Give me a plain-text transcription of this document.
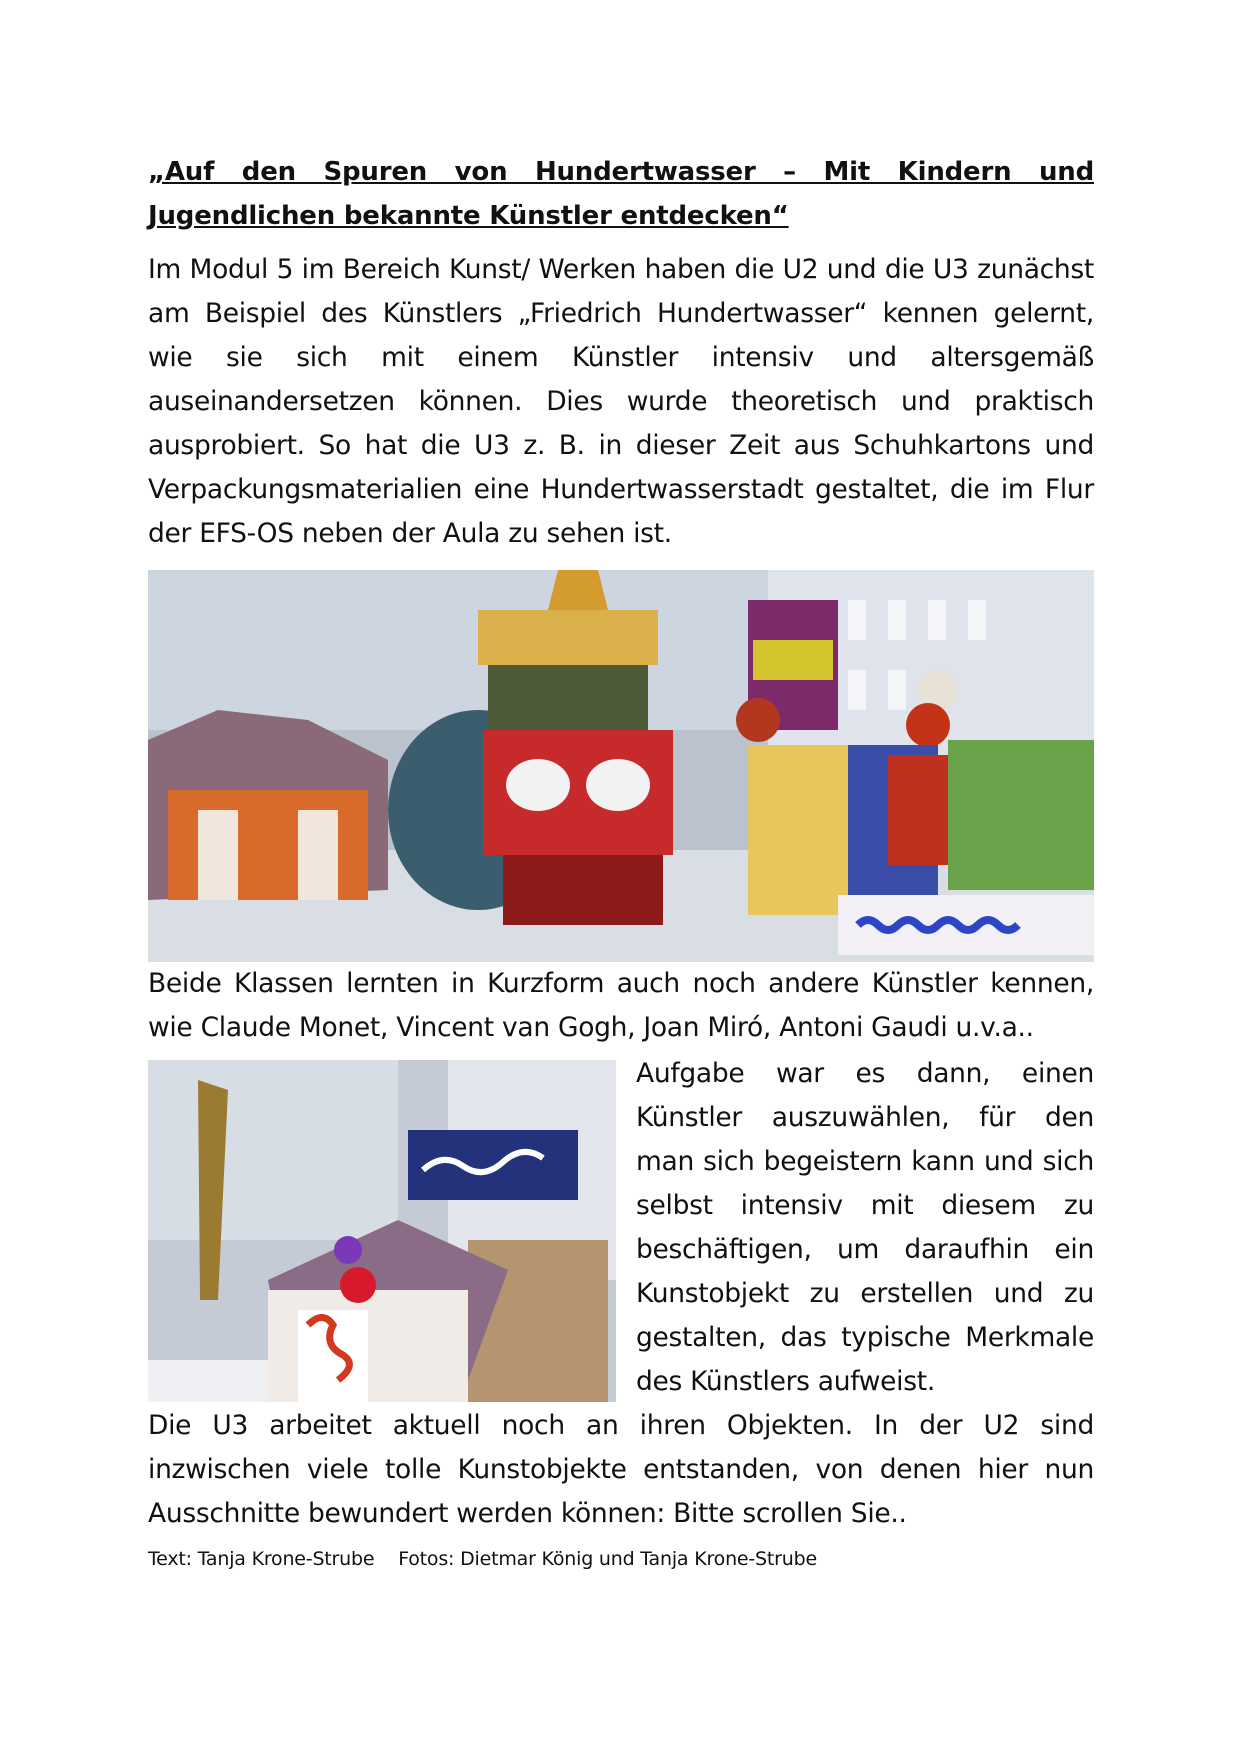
„Auf den Spuren von Hundertwasser – Mit Kindern und
Jugendlichen bekannte Künstler entdecken“

Im Modul 5 im Bereich Kunst/ Werken haben die U2 und die U3 zunächst am Beispiel des Künstlers „Friedrich Hundertwasser“ kennen gelernt, wie sie sich mit einem Künstler intensiv und altersgemäß auseinandersetzen können. Dies wurde theoretisch und praktisch ausprobiert. So hat die U3 z. B. in dieser Zeit aus Schuhkartons und Verpackungsmaterialien eine Hundertwasserstadt gestaltet, die im Flur der EFS-OS neben der Aula zu sehen ist.

Beide Klassen lernten in Kurzform auch noch andere Künstler kennen, wie Claude Monet, Vincent van Gogh, Joan Miró, Antoni Gaudi u.v.a..

Aufgabe war es dann, einen Künstler auszuwählen, für den man sich begeistern kann und sich selbst intensiv mit diesem zu beschäftigen, um daraufhin ein Kunstobjekt zu erstellen und zu gestalten, das typische Merkmale des Künstlers aufweist.

Die U3 arbeitet aktuell noch an ihren Objekten. In der U2 sind inzwischen viele tolle Kunstobjekte entstanden, von denen hier nun Ausschnitte bewundert werden können: Bitte scrollen Sie..

Text: Tanja Krone-Strube Fotos: Dietmar König und Tanja Krone-Strube
